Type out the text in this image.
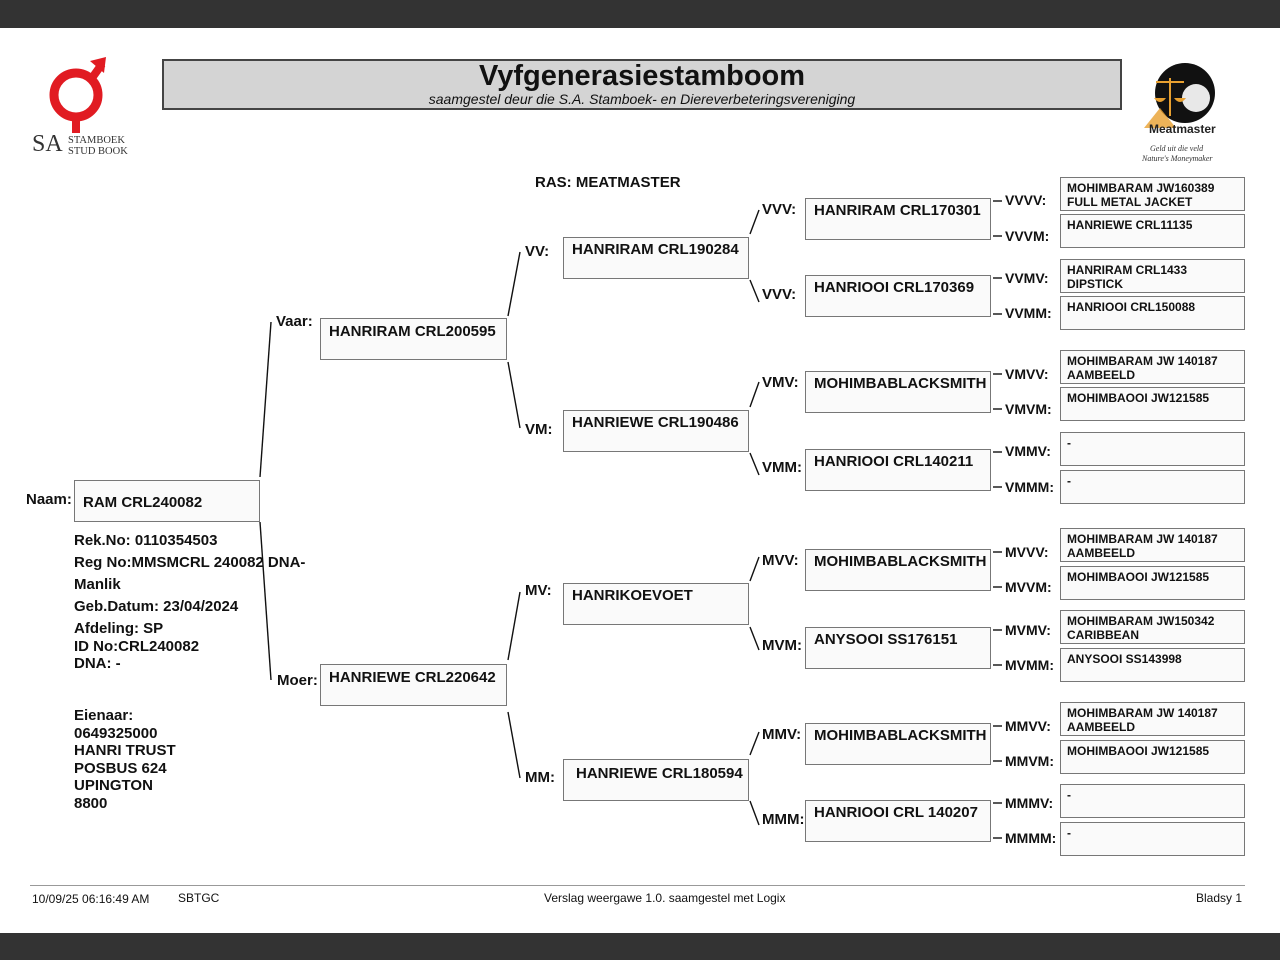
SA STAMBOEK
STUD BOOK
Vyfgenerasiestamboom
saamgestel deur die S.A. Stamboek- en Diereverbeteringsvereniging
Meatmaster
Geld uit die veld
Nature's Moneymaker
RAS: MEATMASTER
Naam: RAM CRL240082
Rek.No: 0110354503
Reg No:MMSMCRL 240082 DNA-
Manlik
Geb.Datum: 23/04/2024
Afdeling: SP
ID No:CRL240082
DNA: -
Eienaar:
0649325000
HANRI TRUST
POSBUS 624
UPINGTON
8800
Vaar:
HANRIRAM CRL200595
Moer: HANRIEWE CRL220642
VV:	HANRIRAM CRL190284
VM:	HANRIEWE CRL190486
MV:	HANRIKOEVOET
MM:	HANRIEWE CRL180594
VVV:	HANRIRAM CRL170301
VVV:	HANRIOOI CRL170369
VMV:	MOHIMBABLACKSMITH
VMM: HANRIOOI CRL140211
MVV:	MOHIMBABLACKSMITH
MVM: ANYSOOI SS176151
MMV: MOHIMBABLACKSMITH
MMM: HANRIOOI CRL 140207
VVVV:
MOHIMBARAM JW160389 FULL METAL JACKET
VVVM:
HANRIEWE CRL11135
VVMV:	HANRIRAM CRL1433 DIPSTICK
VVMM:	HANRIOOI CRL150088
VMVV:
MOHIMBARAM JW 140187 AAMBEELD
VMVM:
MOHIMBAOOI JW121585
VMMV:	-
VMMM:	-
MVVV:
MOHIMBARAM JW 140187 AAMBEELD
MVVM:
MOHIMBAOOI JW121585
MVMV:
MOHIMBARAM JW150342 CARIBBEAN
MVMM:	ANYSOOI SS143998
MMVV:
MOHIMBARAM JW 140187 AAMBEELD
MMVM:
MOHIMBAOOI JW121585
MMMV:	-
MMMM: -
10/09/25 06:16:49 AM SBTGC	Verslag weergawe 1.0. saamgestel met Logix	Bladsy 1
